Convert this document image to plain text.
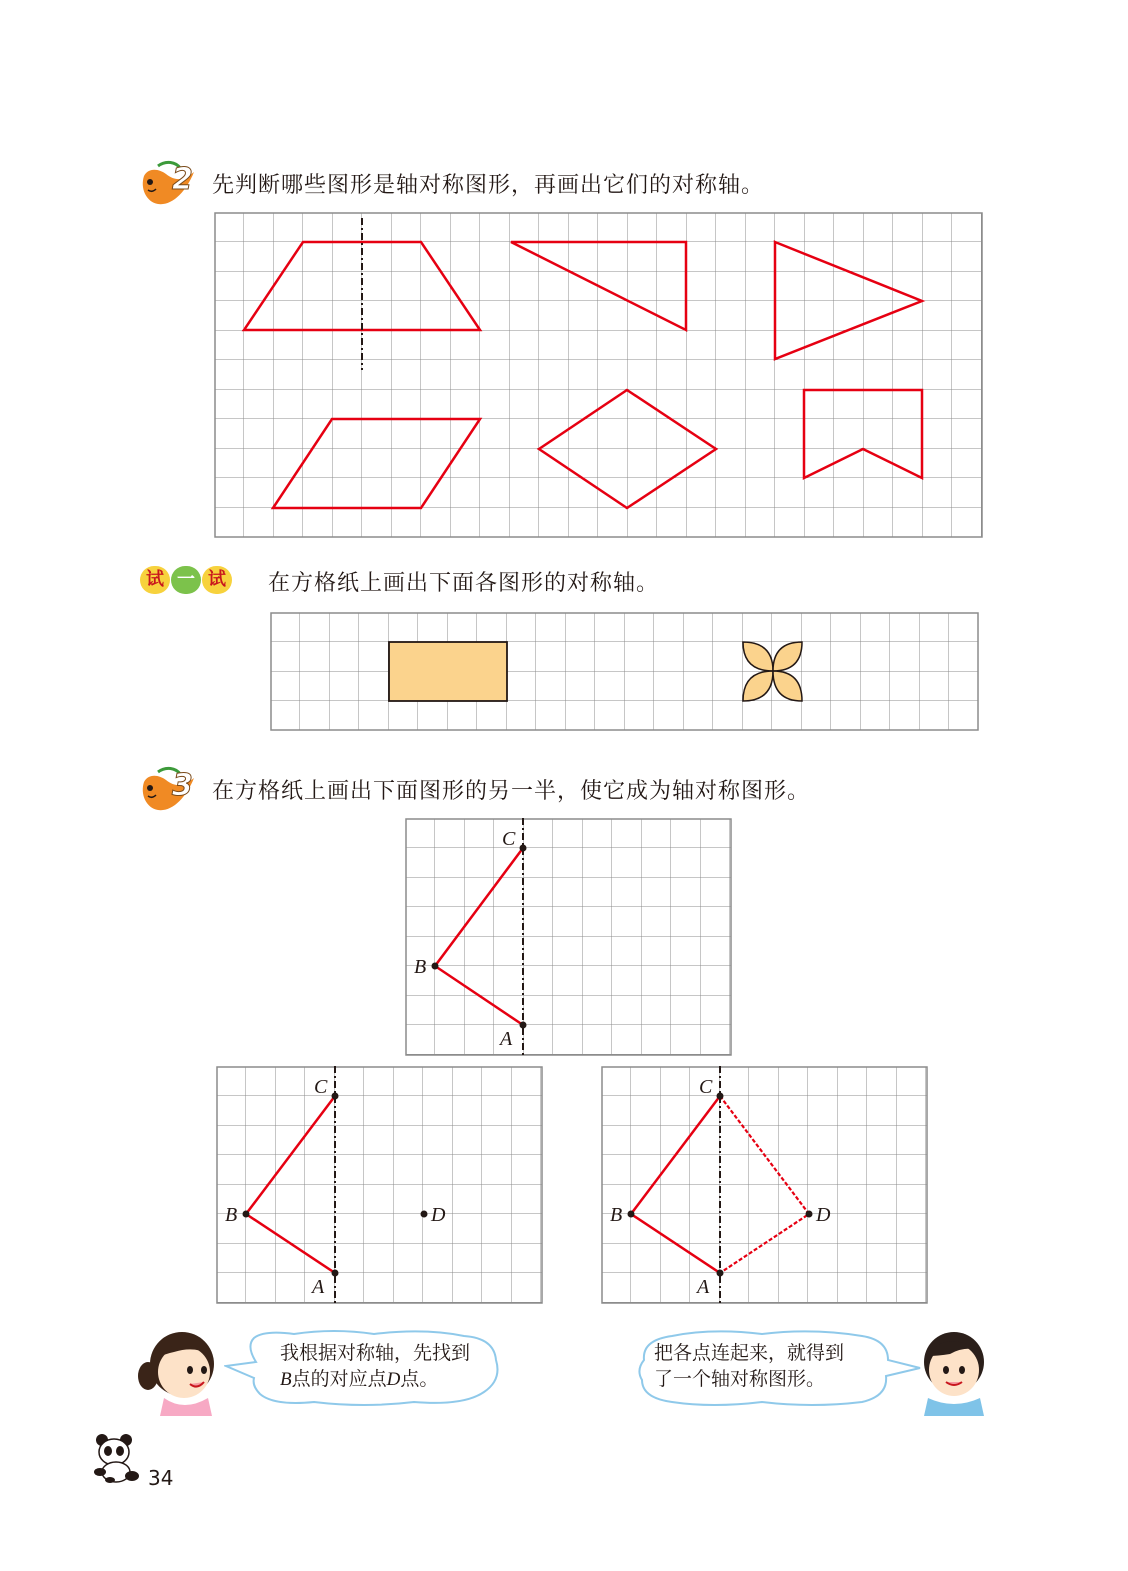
2 先判断哪些图形是轴对称图形，再画出它们的对称轴。
试 一 试 在方格纸上画出下面各图形的对称轴。
3 在方格纸上画出下面图形的另一半，使它成为轴对称图形。
C
B
A
C
B
A
D
C
B
A
D
我根据对称轴，先找到
B点的对应点D点。
把各点连起来，就得到
了一个轴对称图形。
34
